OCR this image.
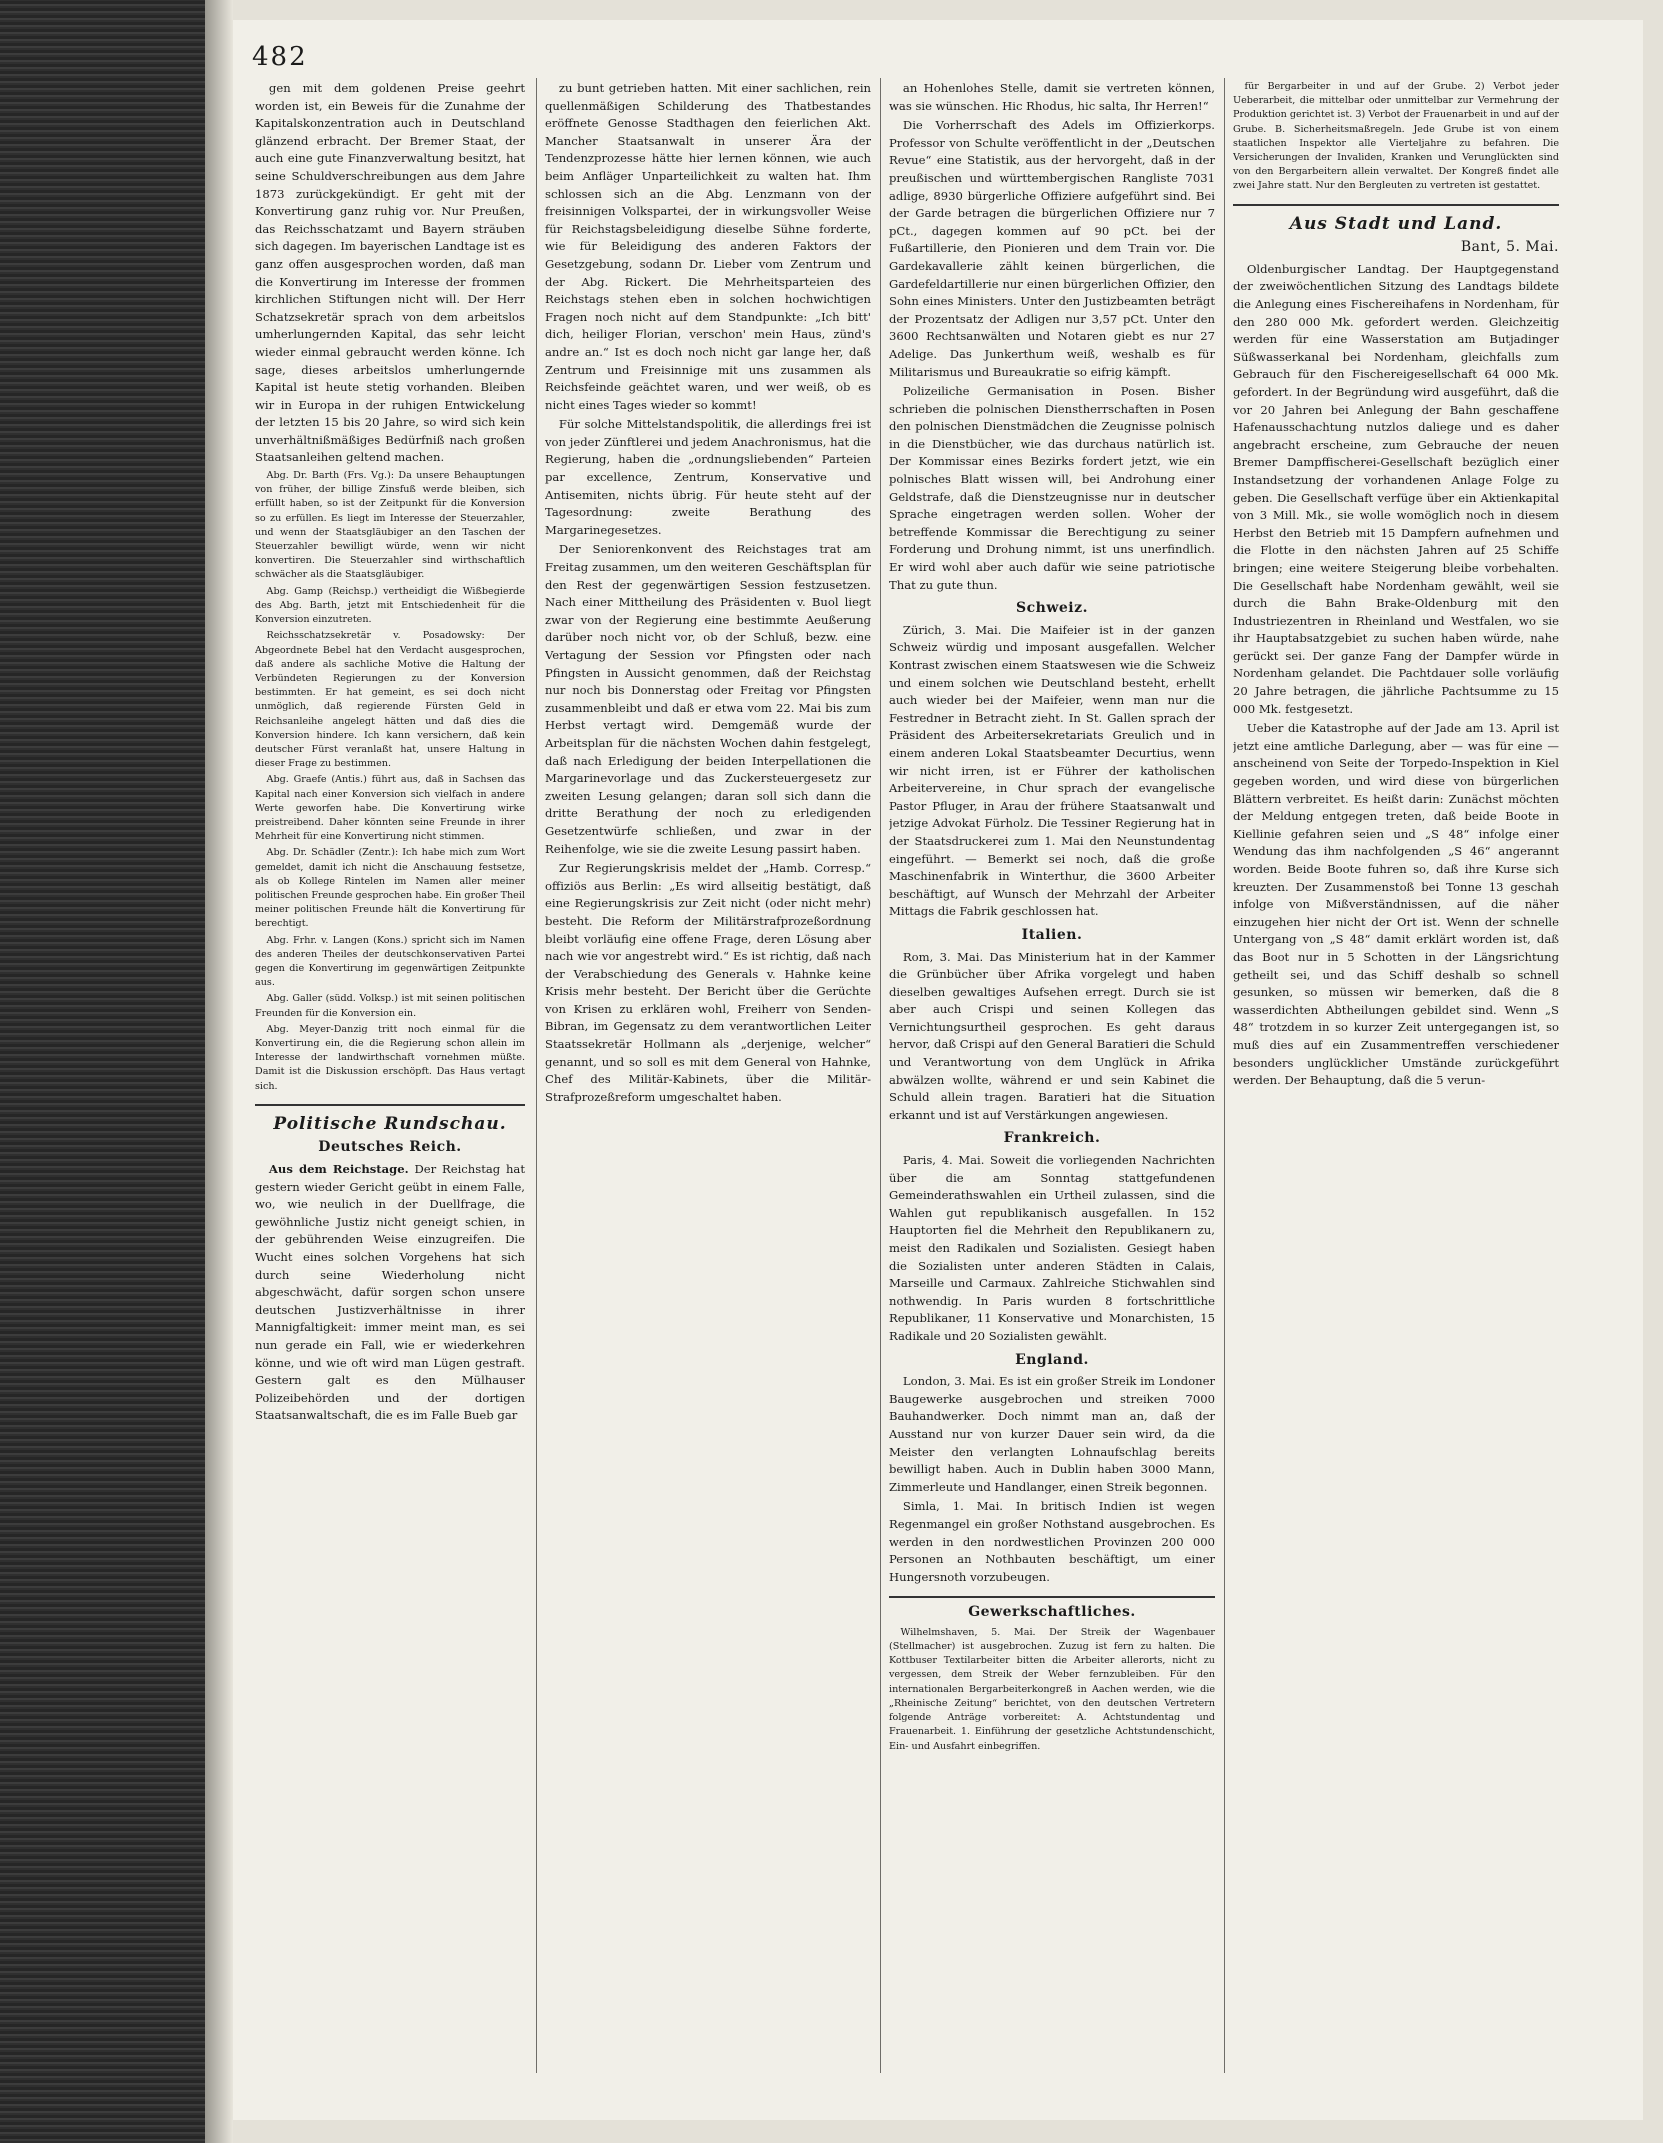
482

gen mit dem goldenen Preise geehrt worden ist, ein Beweis für die Zunahme der Kapitalskonzentration auch in Deutschland glänzend erbracht. Der Bremer Staat, der auch eine gute Finanzverwaltung besitzt, hat seine Schuldverschreibungen aus dem Jahre 1873 zurückgekündigt. Er geht mit der Konvertirung ganz ruhig vor. Nur Preußen, das Reichsschatzamt und Bayern sträuben sich dagegen. Im bayerischen Landtage ist es ganz offen ausgesprochen worden, daß man die Konvertirung im Interesse der frommen kirchlichen Stiftungen nicht will. Der Herr Schatzsekretär sprach von dem arbeitslos umherlungernden Kapital, das sehr leicht wieder einmal gebraucht werden könne. Ich sage, dieses arbeitslos umherlungernde Kapital ist heute stetig vorhanden. Bleiben wir in Europa in der ruhigen Entwickelung der letzten 15 bis 20 Jahre, so wird sich kein unverhältnißmäßiges Bedürfniß nach großen Staatsanleihen geltend machen.

Abg. Dr. Barth (Frs. Vg.): Da unsere Behauptungen von früher, der billige Zinsfuß werde bleiben, sich erfüllt haben, so ist der Zeitpunkt für die Konversion so zu erfüllen. Es liegt im Interesse der Steuerzahler, und wenn der Staatsgläubiger an den Taschen der Steuerzahler bewilligt würde, wenn wir nicht konvertiren. Die Steuerzahler sind wirthschaftlich schwächer als die Staatsgläubiger.

Abg. Gamp (Reichsp.) vertheidigt die Wißbegierde des Abg. Barth, jetzt mit Entschiedenheit für die Konversion einzutreten.

Reichsschatzsekretär v. Posadowsky: Der Abgeordnete Bebel hat den Verdacht ausgesprochen, daß andere als sachliche Motive die Haltung der Verbündeten Regierungen zu der Konversion bestimmten. Er hat gemeint, es sei doch nicht unmöglich, daß regierende Fürsten Geld in Reichsanleihe angelegt hätten und daß dies die Konversion hindere. Ich kann versichern, daß kein deutscher Fürst veranlaßt hat, unsere Haltung in dieser Frage zu bestimmen.

Abg. Graefe (Antis.) führt aus, daß in Sachsen das Kapital nach einer Konversion sich vielfach in andere Werte geworfen habe. Die Konvertirung wirke preistreibend. Daher könnten seine Freunde in ihrer Mehrheit für eine Konvertirung nicht stimmen.

Abg. Dr. Schädler (Zentr.): Ich habe mich zum Wort gemeldet, damit ich nicht die Anschauung festsetze, als ob Kollege Rintelen im Namen aller meiner politischen Freunde gesprochen habe. Ein großer Theil meiner politischen Freunde hält die Konvertirung für berechtigt.

Abg. Frhr. v. Langen (Kons.) spricht sich im Namen des anderen Theiles der deutschkonservativen Partei gegen die Konvertirung im gegenwärtigen Zeitpunkte aus.

Abg. Galler (südd. Volksp.) ist mit seinen politischen Freunden für die Konversion ein.

Abg. Meyer-Danzig tritt noch einmal für die Konvertirung ein, die die Regierung schon allein im Interesse der landwirthschaft vornehmen müßte. Damit ist die Diskussion erschöpft. Das Haus vertagt sich.

Politische Rundschau.
Deutsches Reich.

Aus dem Reichstage. Der Reichstag hat gestern wieder Gericht geübt in einem Falle, wo, wie neulich in der Duellfrage, die gewöhnliche Justiz nicht geneigt schien, in der gebührenden Weise einzugreifen. Die Wucht eines solchen Vorgehens hat sich durch seine Wiederholung nicht abgeschwächt, dafür sorgen schon unsere deutschen Justizverhältnisse in ihrer Mannigfaltigkeit: immer meint man, es sei nun gerade ein Fall, wie er wiederkehren könne, und wie oft wird man Lügen gestraft. Gestern galt es den Mülhauser Polizeibehörden und der dortigen Staatsanwaltschaft, die es im Falle Bueb gar

zu bunt getrieben hatten. Mit einer sachlichen, rein quellenmäßigen Schilderung des Thatbestandes eröffnete Genosse Stadthagen den feierlichen Akt. Mancher Staatsanwalt in unserer Ära der Tendenzprozesse hätte hier lernen können, wie auch beim Anfläger Unparteilichkeit zu walten hat. Ihm schlossen sich an die Abg. Lenzmann von der freisinnigen Volkspartei, der in wirkungsvoller Weise für Reichstagsbeleidigung dieselbe Sühne forderte, wie für Beleidigung des anderen Faktors der Gesetzgebung, sodann Dr. Lieber vom Zentrum und der Abg. Rickert. Die Mehrheitsparteien des Reichstags stehen eben in solchen hochwichtigen Fragen noch nicht auf dem Standpunkte: „Ich bitt' dich, heiliger Florian, verschon' mein Haus, zünd's andre an.“ Ist es doch noch nicht gar lange her, daß Zentrum und Freisinnige mit uns zusammen als Reichsfeinde geächtet waren, und wer weiß, ob es nicht eines Tages wieder so kommt!

Für solche Mittelstandspolitik, die allerdings frei ist von jeder Zünftlerei und jedem Anachronismus, hat die Regierung, haben die „ordnungsliebenden“ Parteien par excellence, Zentrum, Konservative und Antisemiten, nichts übrig. Für heute steht auf der Tagesordnung: zweite Berathung des Margarinegesetzes.

Der Seniorenkonvent des Reichstages trat am Freitag zusammen, um den weiteren Geschäftsplan für den Rest der gegenwärtigen Session festzusetzen. Nach einer Mittheilung des Präsidenten v. Buol liegt zwar von der Regierung eine bestimmte Aeußerung darüber noch nicht vor, ob der Schluß, bezw. eine Vertagung der Session vor Pfingsten oder nach Pfingsten in Aussicht genommen, daß der Reichstag nur noch bis Donnerstag oder Freitag vor Pfingsten zusammenbleibt und daß er etwa vom 22. Mai bis zum Herbst vertagt wird. Demgemäß wurde der Arbeitsplan für die nächsten Wochen dahin festgelegt, daß nach Erledigung der beiden Interpellationen die Margarinevorlage und das Zuckersteuergesetz zur zweiten Lesung gelangen; daran soll sich dann die dritte Berathung der noch zu erledigenden Gesetzentwürfe schließen, und zwar in der Reihenfolge, wie sie die zweite Lesung passirt haben.

Zur Regierungskrisis meldet der „Hamb. Corresp.“ offiziös aus Berlin: „Es wird allseitig bestätigt, daß eine Regierungskrisis zur Zeit nicht (oder nicht mehr) besteht. Die Reform der Militärstrafprozeßordnung bleibt vorläufig eine offene Frage, deren Lösung aber nach wie vor angestrebt wird.“ Es ist richtig, daß nach der Verabschiedung des Generals v. Hahnke keine Krisis mehr besteht. Der Bericht über die Gerüchte von Krisen zu erklären wohl, Freiherr von Senden-Bibran, im Gegensatz zu dem verantwortlichen Leiter Staatssekretär Hollmann als „derjenige, welcher“ genannt, und so soll es mit dem General von Hahnke, Chef des Militär-Kabinets, über die Militär-Strafprozeßreform umgeschaltet haben.

an Hohenlohes Stelle, damit sie vertreten können, was sie wünschen. Hic Rhodus, hic salta, Ihr Herren!“

Die Vorherrschaft des Adels im Offizierkorps. Professor von Schulte veröffentlicht in der „Deutschen Revue“ eine Statistik, aus der hervorgeht, daß in der preußischen und württembergischen Rangliste 7031 adlige, 8930 bürgerliche Offiziere aufgeführt sind. Bei der Garde betragen die bürgerlichen Offiziere nur 7 pCt., dagegen kommen auf 90 pCt. bei der Fußartillerie, den Pionieren und dem Train vor. Die Gardekavallerie zählt keinen bürgerlichen, die Gardefeldartillerie nur einen bürgerlichen Offizier, den Sohn eines Ministers. Unter den Justizbeamten beträgt der Prozentsatz der Adligen nur 3,57 pCt. Unter den 3600 Rechtsanwälten und Notaren giebt es nur 27 Adelige. Das Junkerthum weiß, weshalb es für Militarismus und Bureaukratie so eifrig kämpft.

Polizeiliche Germanisation in Posen. Bisher schrieben die polnischen Dienstherrschaften in Posen den polnischen Dienstmädchen die Zeugnisse polnisch in die Dienstbücher, wie das durchaus natürlich ist. Der Kommissar eines Bezirks fordert jetzt, wie ein polnisches Blatt wissen will, bei Androhung einer Geldstrafe, daß die Dienstzeugnisse nur in deutscher Sprache eingetragen werden sollen. Woher der betreffende Kommissar die Berechtigung zu seiner Forderung und Drohung nimmt, ist uns unerfindlich. Er wird wohl aber auch dafür wie seine patriotische That zu gute thun.

Schweiz.

Zürich, 3. Mai. Die Maifeier ist in der ganzen Schweiz würdig und imposant ausgefallen. Welcher Kontrast zwischen einem Staatswesen wie die Schweiz und einem solchen wie Deutschland besteht, erhellt auch wieder bei der Maifeier, wenn man nur die Festredner in Betracht zieht. In St. Gallen sprach der Präsident des Arbeitersekretariats Greulich und in einem anderen Lokal Staatsbeamter Decurtius, wenn wir nicht irren, ist er Führer der katholischen Arbeitervereine, in Chur sprach der evangelische Pastor Pfluger, in Arau der frühere Staatsanwalt und jetzige Advokat Fürholz. Die Tessiner Regierung hat in der Staatsdruckerei zum 1. Mai den Neunstundentag eingeführt. — Bemerkt sei noch, daß die große Maschinenfabrik in Winterthur, die 3600 Arbeiter beschäftigt, auf Wunsch der Mehrzahl der Arbeiter Mittags die Fabrik geschlossen hat.

Italien.

Rom, 3. Mai. Das Ministerium hat in der Kammer die Grünbücher über Afrika vorgelegt und haben dieselben gewaltiges Aufsehen erregt. Durch sie ist aber auch Crispi und seinen Kollegen das Vernichtungsurtheil gesprochen. Es geht daraus hervor, daß Crispi auf den General Baratieri die Schuld und Verantwortung von dem Unglück in Afrika abwälzen wollte, während er und sein Kabinet die Schuld allein tragen. Baratieri hat die Situation erkannt und ist auf Verstärkungen angewiesen.

Frankreich.

Paris, 4. Mai. Soweit die vorliegenden Nachrichten über die am Sonntag stattgefundenen Gemeinderathswahlen ein Urtheil zulassen, sind die Wahlen gut republikanisch ausgefallen. In 152 Hauptorten fiel die Mehrheit den Republikanern zu, meist den Radikalen und Sozialisten. Gesiegt haben die Sozialisten unter anderen Städten in Calais, Marseille und Carmaux. Zahlreiche Stichwahlen sind nothwendig. In Paris wurden 8 fortschrittliche Republikaner, 11 Konservative und Monarchisten, 15 Radikale und 20 Sozialisten gewählt.

England.

London, 3. Mai. Es ist ein großer Streik im Londoner Baugewerke ausgebrochen und streiken 7000 Bauhandwerker. Doch nimmt man an, daß der Ausstand nur von kurzer Dauer sein wird, da die Meister den verlangten Lohnaufschlag bereits bewilligt haben. Auch in Dublin haben 3000 Mann, Zimmerleute und Handlanger, einen Streik begonnen.

Simla, 1. Mai. In britisch Indien ist wegen Regenmangel ein großer Nothstand ausgebrochen. Es werden in den nordwestlichen Provinzen 200 000 Personen an Nothbauten beschäftigt, um einer Hungersnoth vorzubeugen.

Gewerkschaftliches.

Wilhelmshaven, 5. Mai. Der Streik der Wagenbauer (Stellmacher) ist ausgebrochen. Zuzug ist fern zu halten. Die Kottbuser Textilarbeiter bitten die Arbeiter allerorts, nicht zu vergessen, dem Streik der Weber fernzubleiben. Für den internationalen Bergarbeiterkongreß in Aachen werden, wie die „Rheinische Zeitung“ berichtet, von den deutschen Vertretern folgende Anträge vorbereitet: A. Achtstundentag und Frauenarbeit. 1. Einführung der gesetzliche Achtstundenschicht, Ein- und Ausfahrt einbegriffen.

für Bergarbeiter in und auf der Grube. 2) Verbot jeder Ueberarbeit, die mittelbar oder unmittelbar zur Vermehrung der Produktion gerichtet ist. 3) Verbot der Frauenarbeit in und auf der Grube. B. Sicherheitsmaßregeln. Jede Grube ist von einem staatlichen Inspektor alle Vierteljahre zu befahren. Die Versicherungen der Invaliden, Kranken und Verunglückten sind von den Bergarbeitern allein verwaltet. Der Kongreß findet alle zwei Jahre statt. Nur den Bergleuten zu vertreten ist gestattet.

Aus Stadt und Land.
Bant, 5. Mai.

Oldenburgischer Landtag. Der Hauptgegenstand der zweiwöchentlichen Sitzung des Landtags bildete die Anlegung eines Fischereihafens in Nordenham, für den 280 000 Mk. gefordert werden. Gleichzeitig werden für eine Wasserstation am Butjadinger Süßwasserkanal bei Nordenham, gleichfalls zum Gebrauch für den Fischereigesellschaft 64 000 Mk. gefordert. In der Begründung wird ausgeführt, daß die vor 20 Jahren bei Anlegung der Bahn geschaffene Hafenausschachtung nutzlos daliege und es daher angebracht erscheine, zum Gebrauche der neuen Bremer Dampffischerei-Gesellschaft bezüglich einer Instandsetzung der vorhandenen Anlage Folge zu geben. Die Gesellschaft verfüge über ein Aktienkapital von 3 Mill. Mk., sie wolle womöglich noch in diesem Herbst den Betrieb mit 15 Dampfern aufnehmen und die Flotte in den nächsten Jahren auf 25 Schiffe bringen; eine weitere Steigerung bleibe vorbehalten. Die Gesellschaft habe Nordenham gewählt, weil sie durch die Bahn Brake-Oldenburg mit den Industriezentren in Rheinland und Westfalen, wo sie ihr Hauptabsatzgebiet zu suchen haben würde, nahe gerückt sei. Der ganze Fang der Dampfer würde in Nordenham gelandet. Die Pachtdauer solle vorläufig 20 Jahre betragen, die jährliche Pachtsumme zu 15 000 Mk. festgesetzt.

Ueber die Katastrophe auf der Jade am 13. April ist jetzt eine amtliche Darlegung, aber — was für eine — anscheinend von Seite der Torpedo-Inspektion in Kiel gegeben worden, und wird diese von bürgerlichen Blättern verbreitet. Es heißt darin: Zunächst möchten der Meldung entgegen treten, daß beide Boote in Kiellinie gefahren seien und „S 48“ infolge einer Wendung das ihm nachfolgenden „S 46“ angerannt worden. Beide Boote fuhren so, daß ihre Kurse sich kreuzten. Der Zusammenstoß bei Tonne 13 geschah infolge von Mißverständnissen, auf die näher einzugehen hier nicht der Ort ist. Wenn der schnelle Untergang von „S 48“ damit erklärt worden ist, daß das Boot nur in 5 Schotten in der Längsrichtung getheilt sei, und das Schiff deshalb so schnell gesunken, so müssen wir bemerken, daß die 8 wasserdichten Abtheilungen gebildet sind. Wenn „S 48“ trotzdem in so kurzer Zeit untergegangen ist, so muß dies auf ein Zusammentreffen verschiedener besonders unglücklicher Umstände zurückgeführt werden. Der Behauptung, daß die 5 verun-
